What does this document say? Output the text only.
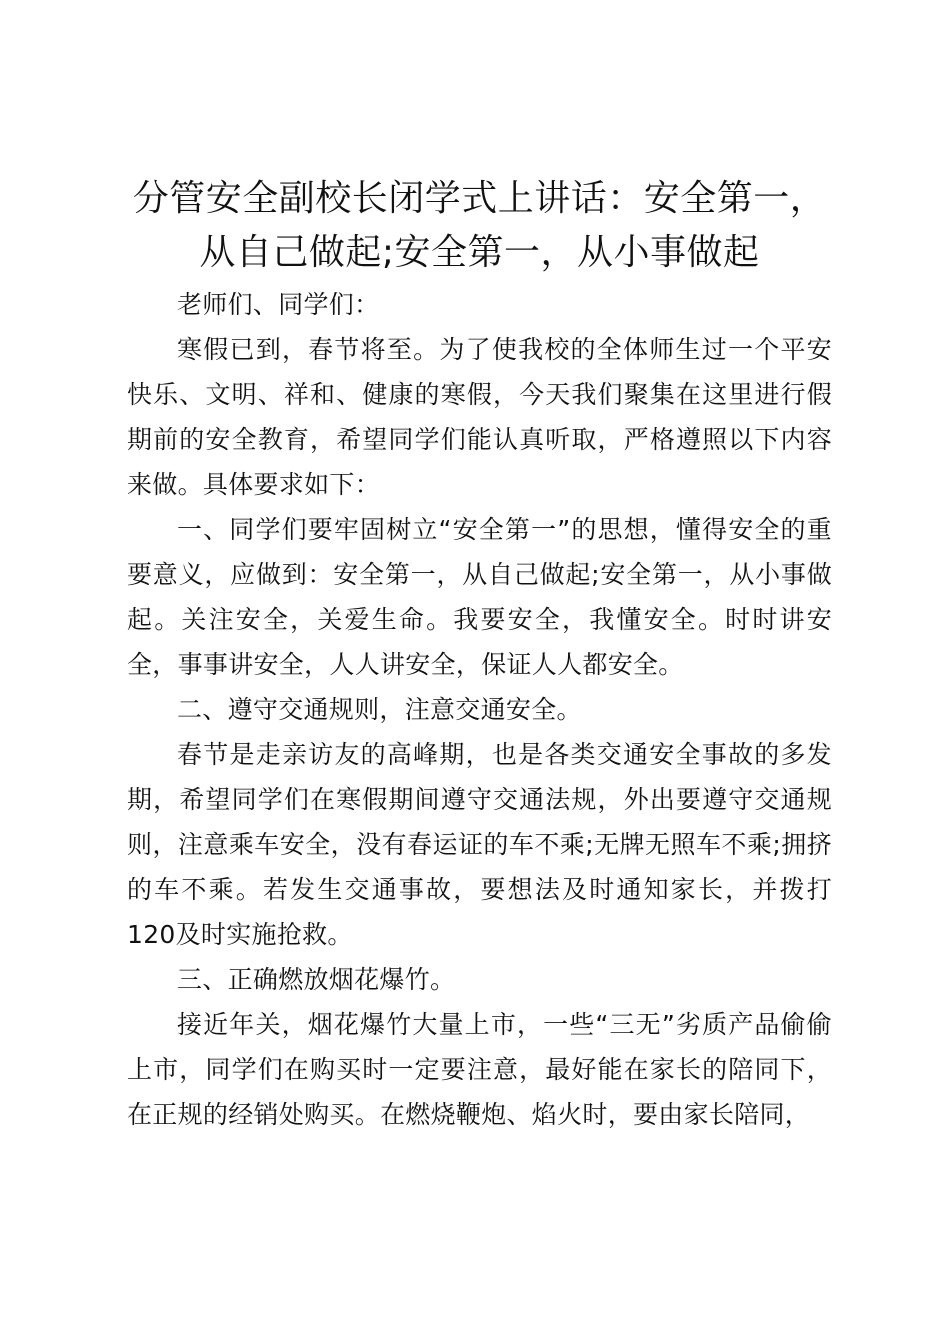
分管安全副校长闭学式上讲话：安全第一，从自己做起;安全第一，从小事做起

老师们、同学们：

寒假已到，春节将至。为了使我校的全体师生过一个平安快乐、文明、祥和、健康的寒假，今天我们聚集在这里进行假期前的安全教育，希望同学们能认真听取，严格遵照以下内容来做。具体要求如下：

一、同学们要牢固树立“安全第一”的思想，懂得安全的重要意义，应做到：安全第一，从自己做起;安全第一，从小事做起。关注安全，关爱生命。我要安全，我懂安全。时时讲安全，事事讲安全，人人讲安全，保证人人都安全。

二、遵守交通规则，注意交通安全。

春节是走亲访友的高峰期，也是各类交通安全事故的多发期，希望同学们在寒假期间遵守交通法规，外出要遵守交通规则，注意乘车安全，没有春运证的车不乘;无牌无照车不乘;拥挤的车不乘。若发生交通事故，要想法及时通知家长，并拨打120及时实施抢救。

三、正确燃放烟花爆竹。

接近年关，烟花爆竹大量上市，一些“三无”劣质产品偷偷上市，同学们在购买时一定要注意，最好能在家长的陪同下，在正规的经销处购买。在燃烧鞭炮、焰火时，要由家长陪同，
